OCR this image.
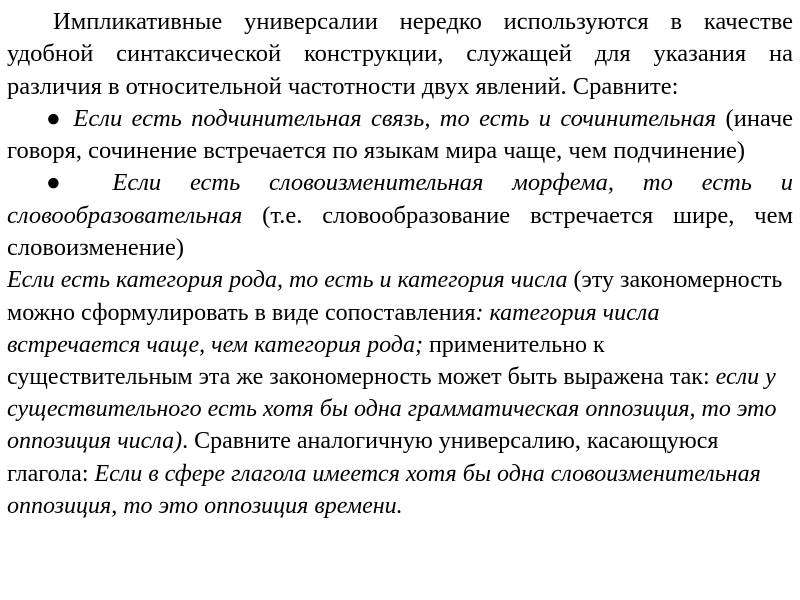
Импликативные универсалии нередко используются в качестве удобной синтаксической конструкции, служащей для указания на различия в относительной частотности двух явлений. Сравните:

● Если есть подчинительная связь, то есть и сочинительная (иначе говоря, сочинение встречается по языкам мира чаще, чем подчинение)

● Если есть словоизменительная морфема, то есть и словообразовательная (т.е. словообразование встречается шире, чем словоизменение)

Если есть категория рода, то есть и категория числа (эту закономерность можно сформулировать в виде сопоставления: категория числа встречается чаще, чем категория рода; применительно к существительным эта же закономерность может быть выражена так: если у существительного есть хотя бы одна грамматическая оппозиция, то это оппозиция числа). Сравните аналогичную универсалию, касающуюся глагола: Если в сфере глагола имеется хотя бы одна словоизменительная оппозиция, то это оппозиция времени.
